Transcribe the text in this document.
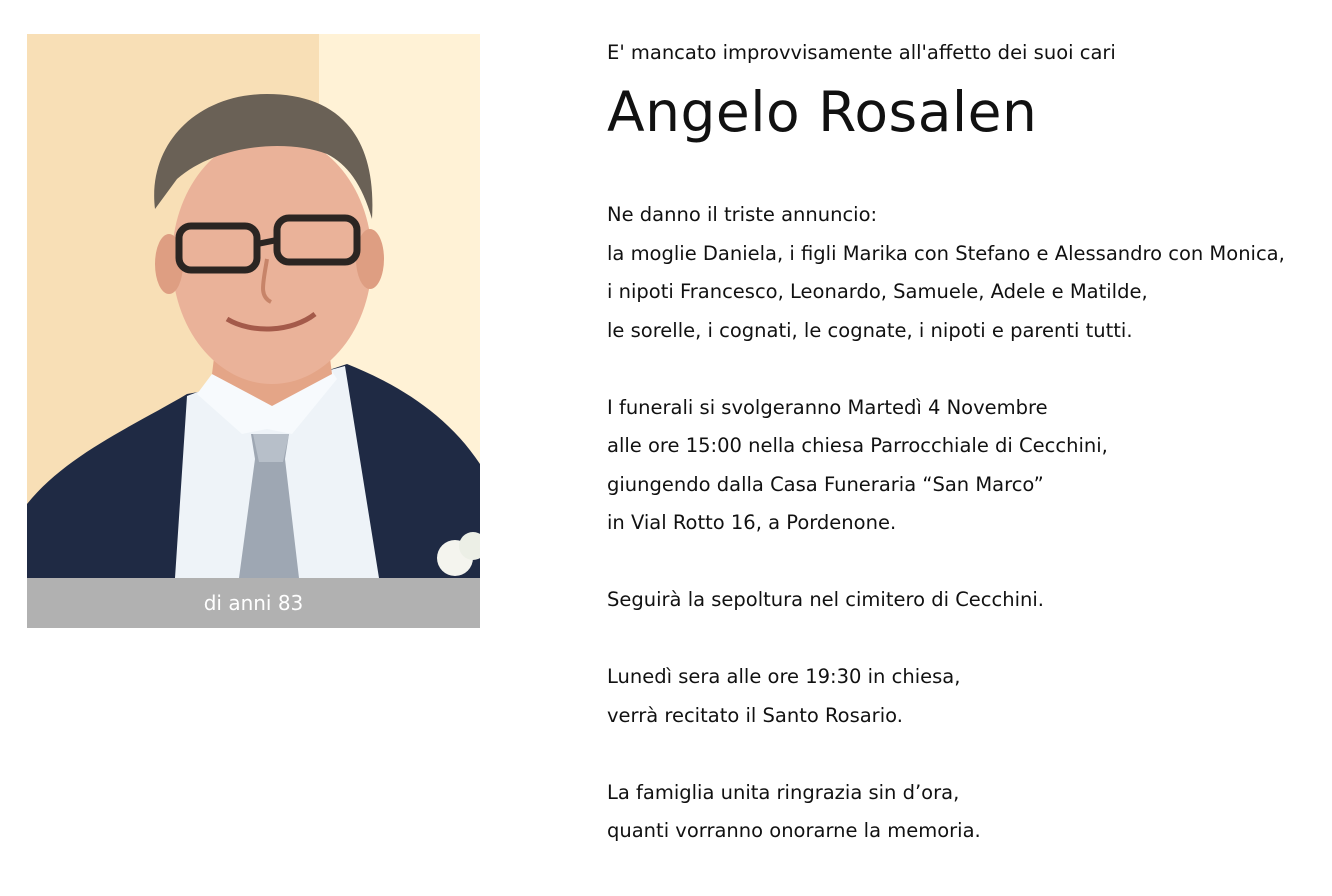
di anni 83

E' mancato improvvisamente all'affetto dei suoi cari

Angelo Rosalen

Ne danno il triste annuncio:
la moglie Daniela, i figli Marika con Stefano e Alessandro con Monica,
i nipoti Francesco, Leonardo, Samuele, Adele e Matilde,
le sorelle, i cognati, le cognate, i nipoti e parenti tutti.

I funerali si svolgeranno Martedì 4 Novembre
alle ore 15:00 nella chiesa Parrocchiale di Cecchini,
giungendo dalla Casa Funeraria “San Marco”
in Vial Rotto 16, a Pordenone.

Seguirà la sepoltura nel cimitero di Cecchini.

Lunedì sera alle ore 19:30 in chiesa,
verrà recitato il Santo Rosario.

La famiglia unita ringrazia sin d’ora,
quanti vorranno onorarne la memoria.
